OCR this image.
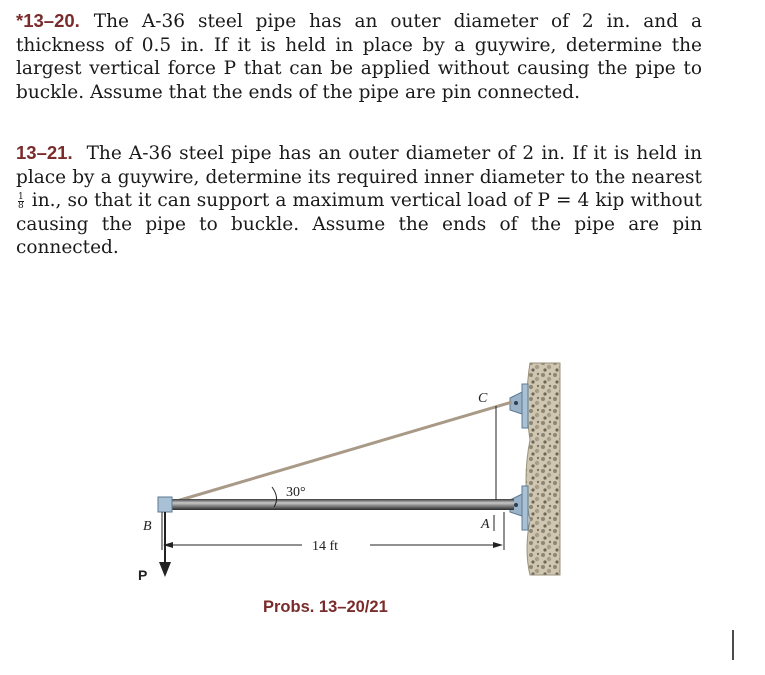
*13–20. The A-36 steel pipe has an outer diameter of 2 in. and a thickness of 0.5 in. If it is held in place by a guywire, determine the largest vertical force P that can be applied without causing the pipe to buckle. Assume that the ends of the pipe are pin connected.
13–21. The A-36 steel pipe has an outer diameter of 2 in. If it is held in place by a guywire, determine its required inner diameter to the nearest
$\frac{1}{8}$ in., so that it can support a maximum vertical load of P = 4 kip without causing the pipe to buckle. Assume the ends of the pipe are pin connected.
30°
C
A
B
14 ft
P
Probs. 13–20/21
